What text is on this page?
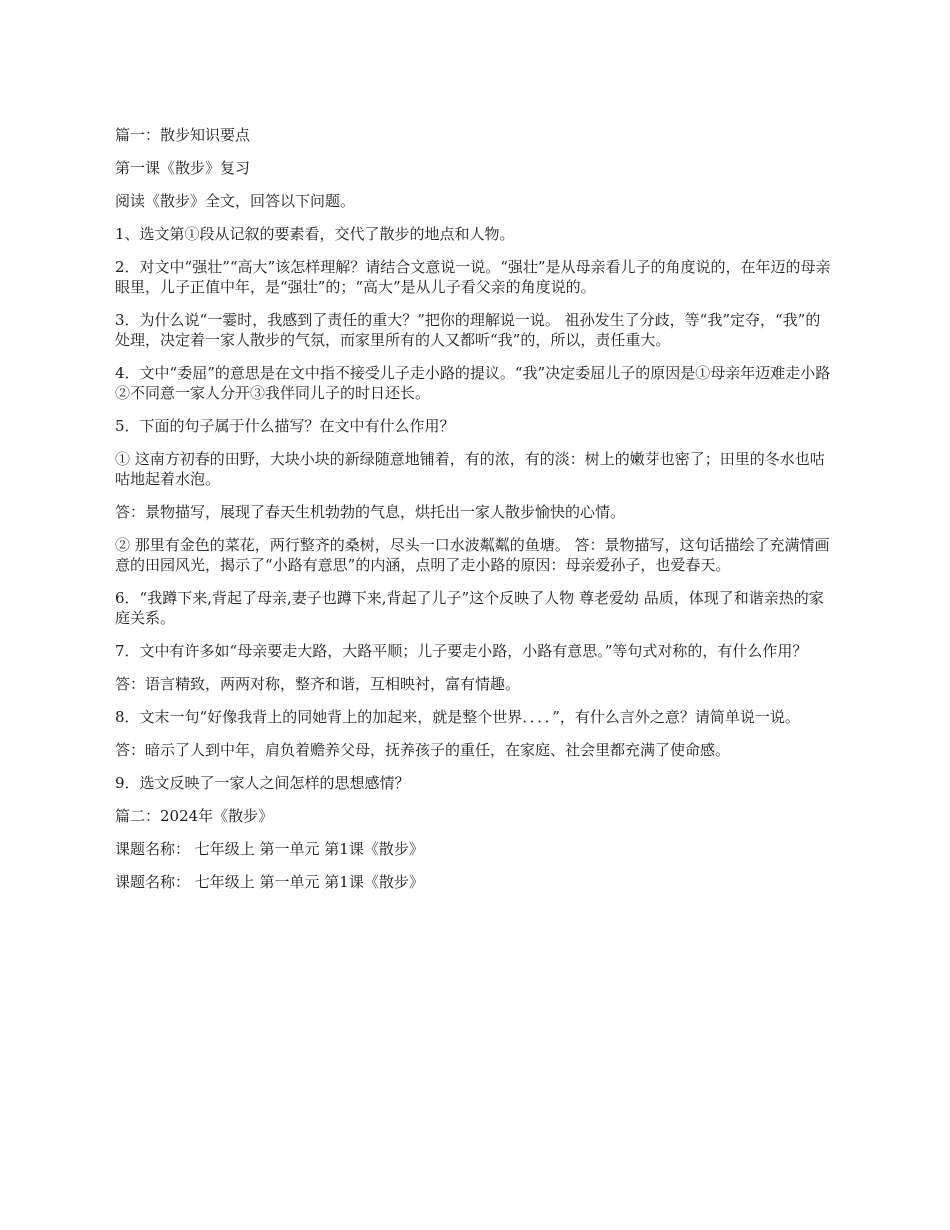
篇一：散步知识要点

第一课《散步》复习

阅读《散步》全文，回答以下问题。

1、选文第①段从记叙的要素看，交代了散步的地点和人物。

2．对文中“强壮”“高大”该怎样理解？请结合文意说一说。“强壮”是从母亲看儿子的角度说的，在年迈的母亲眼里，儿子正值中年，是“强壮”的；“高大”是从儿子看父亲的角度说的。

3．为什么说“一霎时，我感到了责任的重大？”把你的理解说一说。 祖孙发生了分歧，等“我”定夺，“我”的处理，决定着一家人散步的气氛，而家里所有的人又都听“我”的，所以，责任重大。

4．文中“委屈”的意思是在文中指不接受儿子走小路的提议。“我”决定委屈儿子的原因是①母亲年迈难走小路②不同意一家人分开③我伴同儿子的时日还长。

5．下面的句子属于什么描写？在文中有什么作用？

① 这南方初春的田野，大块小块的新绿随意地铺着，有的浓，有的淡：树上的嫩芽也密了；田里的冬水也咕咕地起着水泡。

答：景物描写，展现了春天生机勃勃的气息，烘托出一家人散步愉快的心情。

② 那里有金色的菜花，两行整齐的桑树，尽头一口水波粼粼的鱼塘。 答：景物描写，这句话描绘了充满情画意的田园风光，揭示了“小路有意思”的内涵，点明了走小路的原因：母亲爱孙子，也爱春天。

6．“我蹲下来,背起了母亲,妻子也蹲下来,背起了儿子”这个反映了人物 尊老爱幼 品质，体现了和谐亲热的家庭关系。

7．文中有许多如“母亲要走大路，大路平顺；儿子要走小路，小路有意思。”等句式对称的，有什么作用？

答：语言精致，两两对称，整齐和谐，互相映衬，富有情趣。

8．文末一句“好像我背上的同她背上的加起来，就是整个世界．．．．”，有什么言外之意？请简单说一说。

答：暗示了人到中年，肩负着赡养父母，抚养孩子的重任，在家庭、社会里都充满了使命感。

9．选文反映了一家人之间怎样的思想感情？

篇二：2024年《散步》

课题名称： 七年级上 第一单元 第1课《散步》

课题名称： 七年级上 第一单元 第1课《散步》
